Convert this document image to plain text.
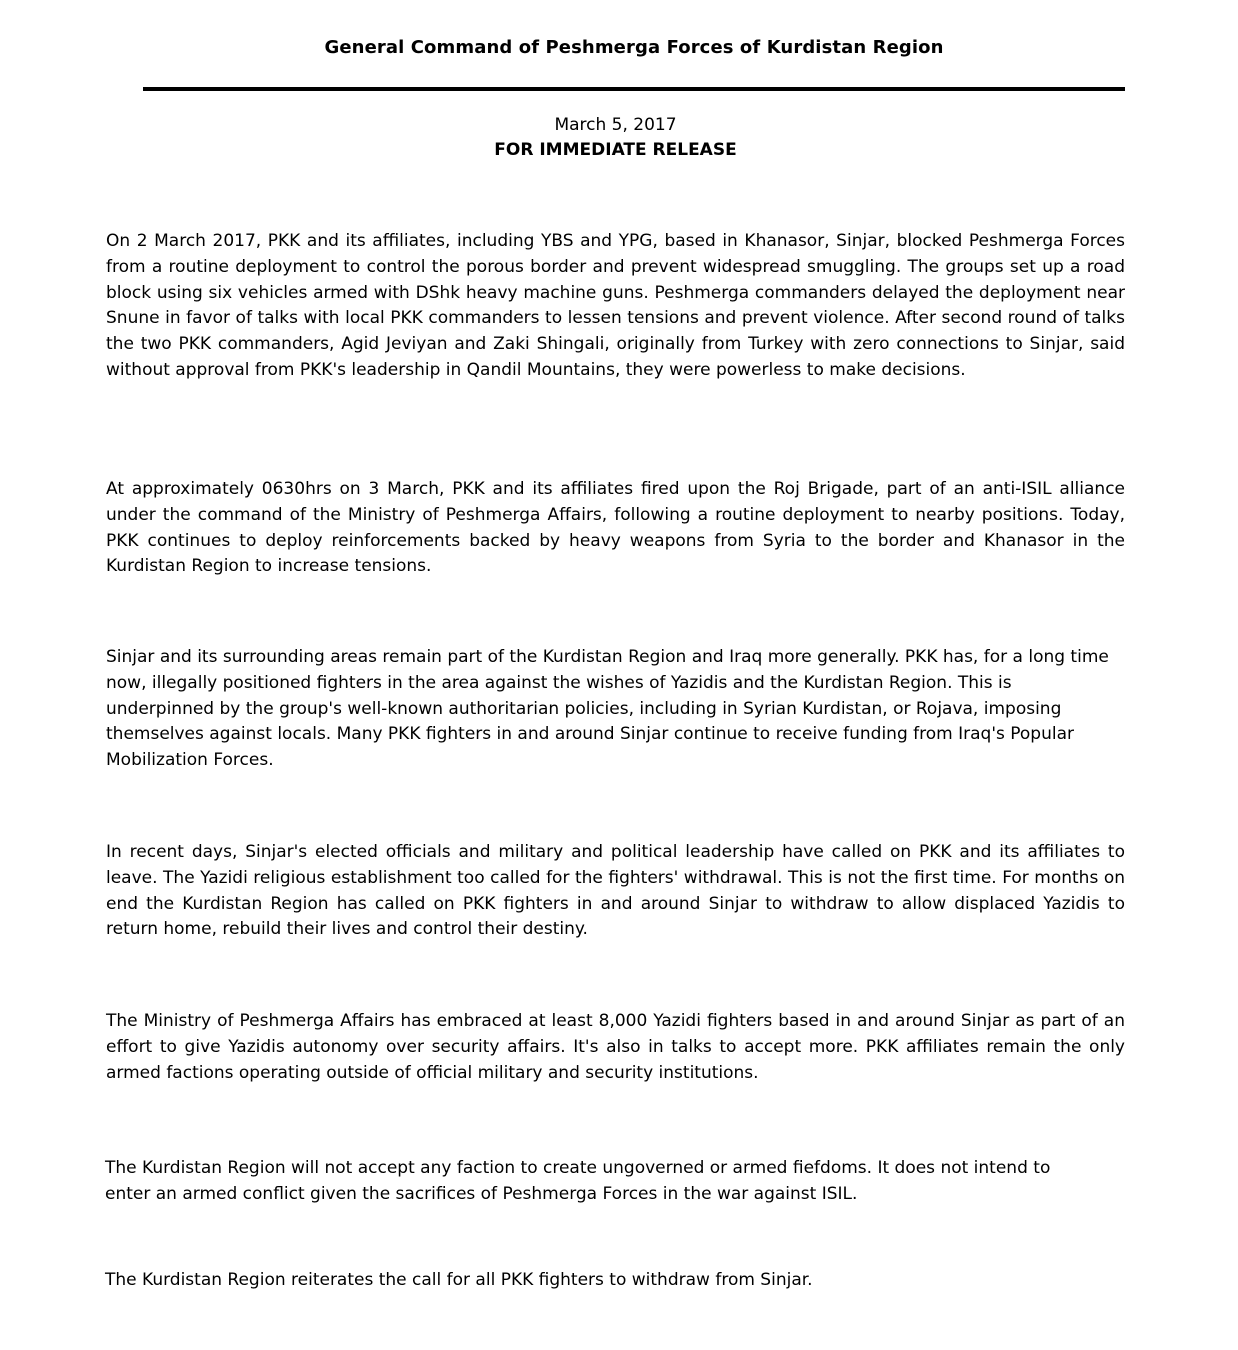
General Command of Peshmerga Forces of Kurdistan Region
March 5, 2017
FOR IMMEDIATE RELEASE

On 2 March 2017, PKK and its affiliates, including YBS and YPG, based in Khanasor, Sinjar, blocked Peshmerga Forces from a routine deployment to control the porous border and prevent widespread smuggling. The groups set up a road block using six vehicles armed with DShk heavy machine guns. Peshmerga commanders delayed the deployment near Snune in favor of talks with local PKK commanders to lessen tensions and prevent violence. After second round of talks the two PKK commanders, Agid Jeviyan and Zaki Shingali, originally from Turkey with zero connections to Sinjar, said without approval from PKK's leadership in Qandil Mountains, they were powerless to make decisions.

At approximately 0630hrs on 3 March, PKK and its affiliates fired upon the Roj Brigade, part of an anti-ISIL alliance under the command of the Ministry of Peshmerga Affairs, following a routine deployment to nearby positions. Today, PKK continues to deploy reinforcements backed by heavy weapons from Syria to the border and Khanasor in the Kurdistan Region to increase tensions.

Sinjar and its surrounding areas remain part of the Kurdistan Region and Iraq more generally. PKK has, for a long time now, illegally positioned fighters in the area against the wishes of Yazidis and the Kurdistan Region. This is underpinned by the group's well-known authoritarian policies, including in Syrian Kurdistan, or Rojava, imposing themselves against locals. Many PKK fighters in and around Sinjar continue to receive funding from Iraq's Popular Mobilization Forces.

In recent days, Sinjar's elected officials and military and political leadership have called on PKK and its affiliates to leave. The Yazidi religious establishment too called for the fighters' withdrawal. This is not the first time. For months on end the Kurdistan Region has called on PKK fighters in and around Sinjar to withdraw to allow displaced Yazidis to return home, rebuild their lives and control their destiny.

The Ministry of Peshmerga Affairs has embraced at least 8,000 Yazidi fighters based in and around Sinjar as part of an effort to give Yazidis autonomy over security affairs. It's also in talks to accept more. PKK affiliates remain the only armed factions operating outside of official military and security institutions.

The Kurdistan Region will not accept any faction to create ungoverned or armed fiefdoms. It does not intend to enter an armed conflict given the sacrifices of Peshmerga Forces in the war against ISIL.

The Kurdistan Region reiterates the call for all PKK fighters to withdraw from Sinjar.
